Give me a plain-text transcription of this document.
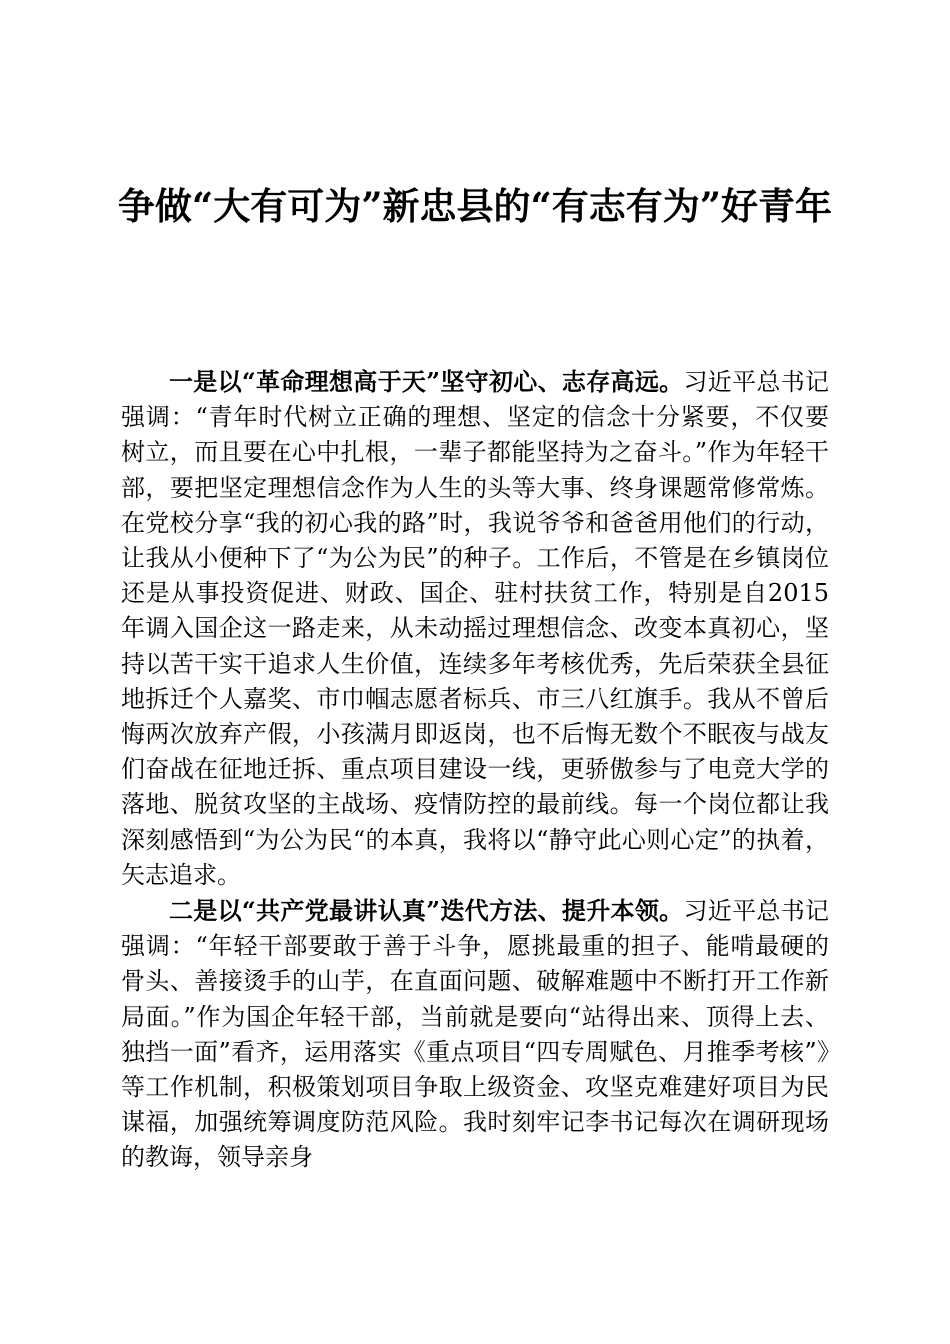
争做“大有可为”新忠县的“有志有为”好青年

一是以“革命理想高于天”坚守初心、志存高远。习近平总书记强调：“青年时代树立正确的理想、坚定的信念十分紧要，不仅要树立，而且要在心中扎根，一辈子都能坚持为之奋斗。”作为年轻干部，要把坚定理想信念作为人生的头等大事、终身课题常修常炼。在党校分享“我的初心我的路”时，我说爷爷和爸爸用他们的行动，让我从小便种下了“为公为民”的种子。工作后，不管是在乡镇岗位还是从事投资促进、财政、国企、驻村扶贫工作，特别是自2015年调入国企这一路走来，从未动摇过理想信念、改变本真初心，坚持以苦干实干追求人生价值，连续多年考核优秀，先后荣获全县征地拆迁个人嘉奖、市巾帼志愿者标兵、市三八红旗手。我从不曾后悔两次放弃产假，小孩满月即返岗，也不后悔无数个不眠夜与战友们奋战在征地迁拆、重点项目建设一线，更骄傲参与了电竞大学的落地、脱贫攻坚的主战场、疫情防控的最前线。每一个岗位都让我深刻感悟到“为公为民“的本真，我将以“静守此心则心定”的执着，矢志追求。

二是以“共产党最讲认真”迭代方法、提升本领。习近平总书记强调：“年轻干部要敢于善于斗争，愿挑最重的担子、能啃最硬的骨头、善接烫手的山芋，在直面问题、破解难题中不断打开工作新局面。”作为国企年轻干部，当前就是要向“站得出来、顶得上去、独挡一面”看齐，运用落实《重点项目“四专周赋色、月推季考核”》等工作机制，积极策划项目争取上级资金、攻坚克难建好项目为民谋福，加强统筹调度防范风险。我时刻牢记李书记每次在调研现场的教诲，领导亲身
